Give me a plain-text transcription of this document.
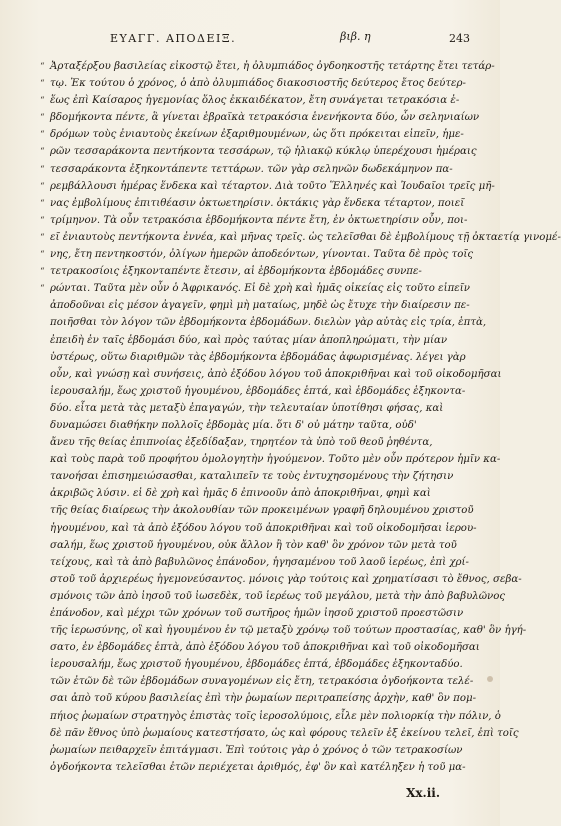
ΕΥΑΓΓ. ΑΠΟΔΕΙΞ.	βιβ. η	243
“ Ἀρταξέρξου βασιλείας εἰκοστῷ ἔτει, ἡ ὀλυμπιάδος ὀγδοηκοστῆς τετάρτης ἔτει τετάρ-
“ τῳ. Ἐκ τούτου ὁ χρόνος, ὁ ἀπὸ ὀλυμπιάδος διακοσιοστῆς δεύτερος ἔτος δεύτερ-
“ ἕως ἐπὶ Καίσαρος ἡγεμονίας ὅλος ἐκκαιδέκατον, ἔτη συνάγεται τετρακόσια ἑ-
“ βδομήκοντα πέντε, ἃ γίνεται ἑβραϊκὰ τετρακόσια ἑνενήκοντα δύο, ὧν σεληνιαίων
“ δρόμων τοὺς ἐνιαυτοὺς ἐκείνων ἐξαριθμουμένων, ὡς ὅτι πρόκειται εἰπεῖν, ἡμε-
“ ρῶν τεσσαράκοντα πεντήκοντα τεσσάρων, τῷ ἡλιακῷ κύκλῳ ὑπερέχουσι ἡμέραις
“ τεσσαράκοντα ἐξηκοντάπεντε τεττάρων. τῶν γὰρ σεληνῶν δωδεκάμηνον πα-
“ ρεμβάλλουσι ἡμέρας ἕνδεκα καὶ τέταρτον. Διὰ τοῦτο Ἕλληνές καὶ Ἰουδαῖοι τρεῖς μῆ-
“ νας ἐμβολίμους ἐπιτιθέασιν ὀκτωετηρίσιν. ὀκτάκις γὰρ ἕνδεκα τέταρτον, ποιεῖ
“ τρίμηνον. Τὰ οὖν τετρακόσια ἑβδομήκοντα πέντε ἔτη, ἐν ὀκτωετηρίσιν οὖν, ποι-
“ εῖ ἐνιαυτοὺς πεντήκοντα ἐννέα, καὶ μῆνας τρεῖς. ὡς τελεῖσθαι δὲ ἐμβολίμους τῇ ὀκταετίᾳ γινομέ-
“ νης, ἔτη πεντηκοστόν, ὀλίγων ἡμερῶν ἀποδεόντων, γίνονται. Ταῦτα δὲ πρὸς τοῖς
“ τετρακοσίοις ἑξηκονταπέντε ἔτεσιν, αἱ ἑβδομήκοντα ἑβδομάδες συνπε-
“ ρώνται. Ταῦτα μὲν οὖν ὁ Ἀφρικανός. Εἰ δὲ χρὴ καὶ ἡμᾶς οἰκείας εἰς τοῦτο εἰπεῖν
ἀποδοῦναι εἰς μέσον ἀγαγεῖν, φημὶ μὴ ματαίως, μηδὲ ὡς ἔτυχε τὴν διαίρεσιν πε-
ποιῆσθαι τὸν λόγον τῶν ἑβδομήκοντα ἑβδομάδων. διελὼν γὰρ αὐτὰς εἰς τρία, ἑπτὰ,
ἐπειδὴ ἐν ταῖς ἑβδομάσι δύο, καὶ πρὸς ταύτας μίαν ἀποπληρώματι, τὴν μίαν
ὑστέρως, οὕτω διαριθμῶν τὰς ἑβδομήκοντα ἑβδομάδας ἀφωρισμένας. λέγει γὰρ
οὖν, καὶ γνώσῃ καὶ συνήσεις, ἀπὸ ἐξόδου λόγου τοῦ ἀποκριθῆναι καὶ τοῦ οἰκοδομῆσαι
ἱερουσαλήμ, ἕως χριστοῦ ἡγουμένου, ἑβδομάδες ἑπτά, καὶ ἑβδομάδες ἑξηκοντα-
δύο. εἶτα μετὰ τὰς μεταξὺ ἐπαγαγών, τὴν τελευταίαν ὑποτίθησι φήσας, καὶ
δυναμώσει διαθήκην πολλοῖς ἑβδομὰς μία. ὅτι δ' οὐ μάτην ταῦτα, οὐδ'
ἄνευ τῆς θείας ἐπιπνοίας ἐξεδίδαξαν, τηρητέον τὰ ὑπὸ τοῦ θεοῦ ῥηθέντα,
καὶ τοὺς παρὰ τοῦ προφήτου ὁμολογητὴν ἡγούμενον. Τοῦτο μὲν οὖν πρότερον ἡμῖν κα-
τανοήσαι ἐπισημειώσασθαι, καταλιπεῖν τε τοὺς ἐντυχησομένους τὴν ζήτησιν
ἀκριβῶς λύσιν. εἰ δὲ χρὴ καὶ ἡμᾶς δ ἐπινοοῦν ἀπὸ ἀποκριθῆναι, φημὶ καὶ
τῆς θείας διαίρεως τὴν ἀκολουθίαν τῶν προκειμένων γραφῆ δηλουμένου χριστοῦ
ἡγουμένου, καὶ τὰ ἀπὸ ἐξόδου λόγου τοῦ ἀποκριθῆναι καὶ τοῦ οἰκοδομῆσαι ἱερου-
σαλήμ, ἕως χριστοῦ ἡγουμένου, οὐκ ἄλλον ἢ τὸν καθ' ὃν χρόνον τῶν μετὰ τοῦ
τείχους, καὶ τὰ ἀπὸ βαβυλῶνος ἐπάνοδον, ἡγησαμένου τοῦ λαοῦ ἱερέως, ἐπὶ χρί-
στοῦ τοῦ ἀρχιερέως ἡγεμονεύσαντος. μόνοις γὰρ τούτοις καὶ χρηματίσασι τὸ ἔθνος, σεβα-
σμόνοις τῶν ἀπὸ ἰησοῦ τοῦ ἰωσεδὲκ, τοῦ ἱερέως τοῦ μεγάλου, μετὰ τὴν ἀπὸ βαβυλῶνος
ἐπάνοδον, καὶ μέχρι τῶν χρόνων τοῦ σωτῆρος ἡμῶν ἰησοῦ χριστοῦ προεστῶσιν
τῆς ἱερωσύνης, οἳ καὶ ἡγουμένου ἐν τῷ μεταξὺ χρόνῳ τοῦ τούτων προστασίας, καθ' ὃν ἡγή-
σατο, ἐν ἑβδομάδες ἑπτὰ, ἀπὸ ἐξόδου λόγου τοῦ ἀποκριθῆναι καὶ τοῦ οἰκοδομῆσαι
ἱερουσαλήμ, ἕως χριστοῦ ἡγουμένου, ἑβδομάδες ἑπτά, ἑβδομάδες ἑξηκονταδύο.
τῶν ἐτῶν δὲ τῶν ἑβδομάδων συναγομένων εἰς ἔτη, τετρακόσια ὀγδοήκοντα τελέ-
σαι ἀπὸ τοῦ κύρου βασιλείας ἐπὶ τὴν ῥωμαίων περιτραπείσης ἀρχὴν, καθ' ὃν πομ-
πήιος ῥωμαίων στρατηγὸς ἐπιστὰς τοῖς ἱεροσολύμοις, εἷλε μὲν πολιορκίᾳ τὴν πόλιν, ὁ
δὲ πᾶν ἔθνος ὑπὸ ῥωμαίους κατεστήσατο, ὡς καὶ φόρους τελεῖν ἐξ ἐκείνου τελεῖ, ἐπὶ τοῖς
ῥωμαίων πειθαρχεῖν ἐπιτάγμασι. Ἐπὶ τούτοις γὰρ ὁ χρόνος ὁ τῶν τετρακοσίων
ὀγδοήκοντα τελεῖσθαι ἐτῶν περιέχεται ἀριθμός, ἐφ' ὃν καὶ κατέληξεν ἡ τοῦ μα-
Xx.ii.
